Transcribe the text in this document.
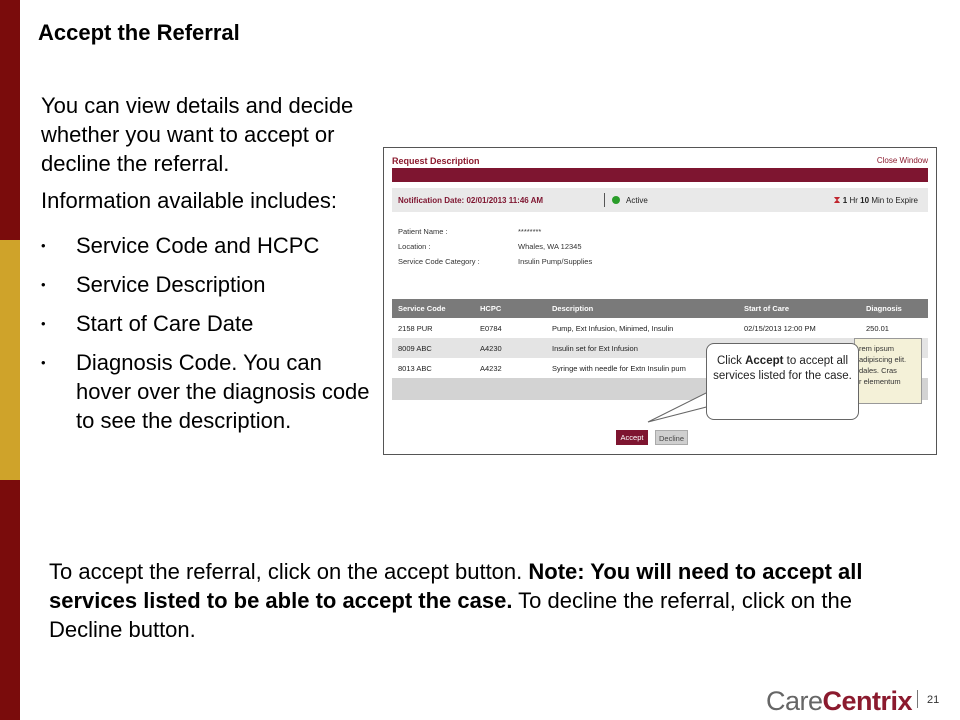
Accept the Referral

You can view details and decide whether you want to accept or decline the referral.

Information available includes:

• Service Code and HCPC
• Service Description
• Start of Care Date
• Diagnosis Code. You can hover over the diagnosis code to see the description.
Request Description	Close Window
Notification Date: 02/01/2013 11:46 AM	Active	⧗ 1 Hr 10 Min to Expire
Patient Name :	********
Location :	Whales, WA 12345
Service Code Category :	Insulin Pump/Supplies
Service Code	HCPC	Description	Start of Care	Diagnosis
2158 PUR	E0784	Pump, Ext Infusion, Minimed, Insulin	02/15/2013 12:00 PM	250.01
8009 ABC	A4230	Insulin set for Ext Infusion		
8013 ABC	A4232	Syringe with needle for Extn Insulin pum		

rem ipsum
adipiscing elit.
dales. Cras
r elementum
Accept	Decline
Click Accept to accept all services listed for the case.
To accept the referral, click on the accept button. Note: You will need to accept all services listed to be able to accept the case. To decline the referral, click on the Decline button.
CareCentrix 21
